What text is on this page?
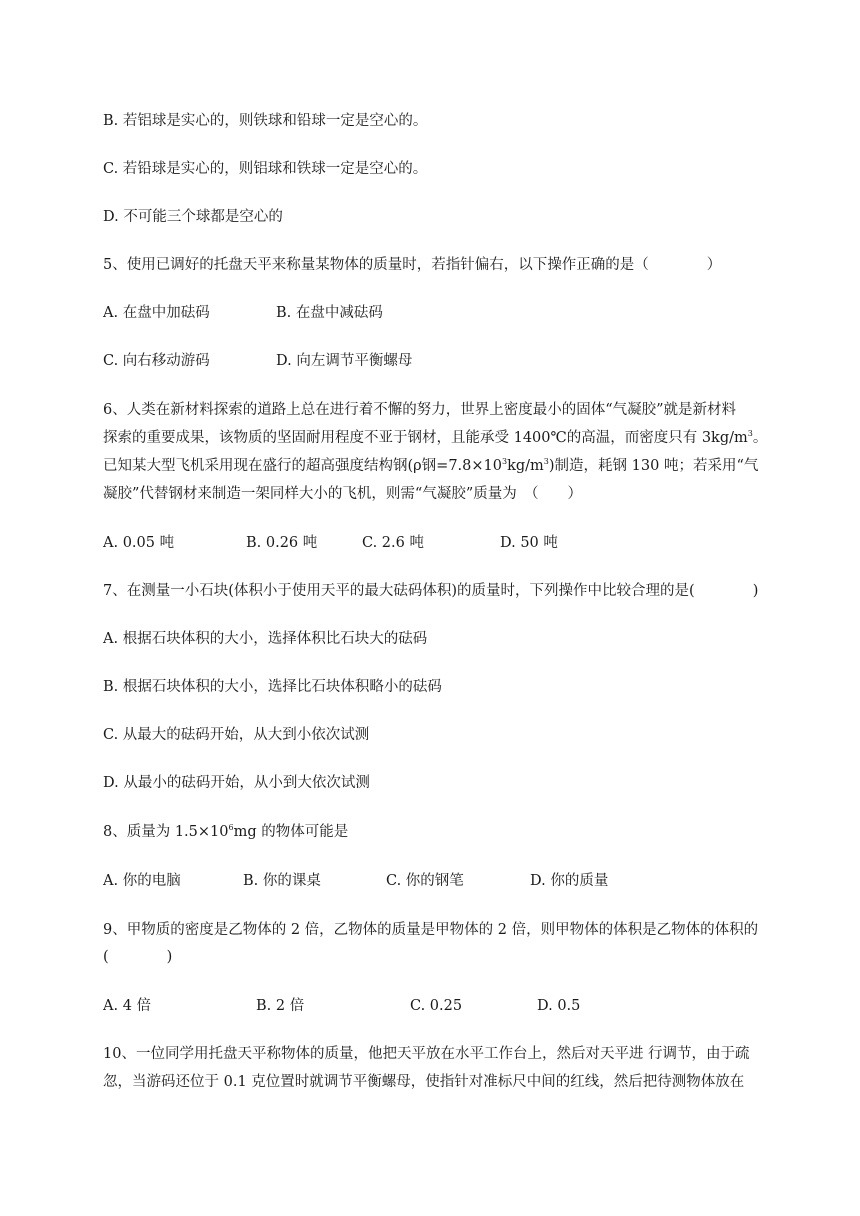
B. 若铝球是实心的，则铁球和铅球一定是空心的。
C. 若铅球是实心的，则铝球和铁球一定是空心的。
D. 不可能三个球都是空心的
5、使用已调好的托盘天平来称量某物体的质量时，若指针偏右，以下操作正确的是（　　　　）
A. 在盘中加砝码	B. 在盘中减砝码
C. 向右移动游码	D. 向左调节平衡螺母
6、人类在新材料探索的道路上总在进行着不懈的努力，世界上密度最小的固体“气凝胶”就是新材料
探索的重要成果，该物质的坚固耐用程度不亚于钢材，且能承受 1400℃的高温，而密度只有 $3kg/m^3$。
已知某大型飞机采用现在盛行的超高强度结构钢(ρ钢$=7.8\times 10^3kg/m^3$)制造，耗钢 130 吨；若采用“气
凝胶”代替钢材来制造一架同样大小的飞机，则需“气凝胶”质量为　（　　）
A. 0.05 吨	B. 0.26 吨	C. 2.6 吨	D. 50 吨
7、在测量一小石块(体积小于使用天平的最大砝码体积)的质量时，下列操作中比较合理的是(　　　　)
A. 根据石块体积的大小，选择体积比石块大的砝码
B. 根据石块体积的大小，选择比石块体积略小的砝码
C. 从最大的砝码开始，从大到小依次试测
D. 从最小的砝码开始，从小到大依次试测
8、质量为 $1.5\times 10^6mg$ 的物体可能是
A. 你的电脑	B. 你的课桌	C. 你的钢笔	D. 你的质量
9、甲物质的密度是乙物体的 2 倍，乙物体的质量是甲物体的 2 倍，则甲物体的体积是乙物体的体积的
(　　　　)
A. 4 倍	B. 2 倍	C. 0.25	D. 0.5
10、一位同学用托盘天平称物体的质量，他把天平放在水平工作台上，然后对天平进 行调节，由于疏
忽，当游码还位于 0.1 克位置时就调节平衡螺母，使指针对准标尺中间的红线，然后把待测物体放在
